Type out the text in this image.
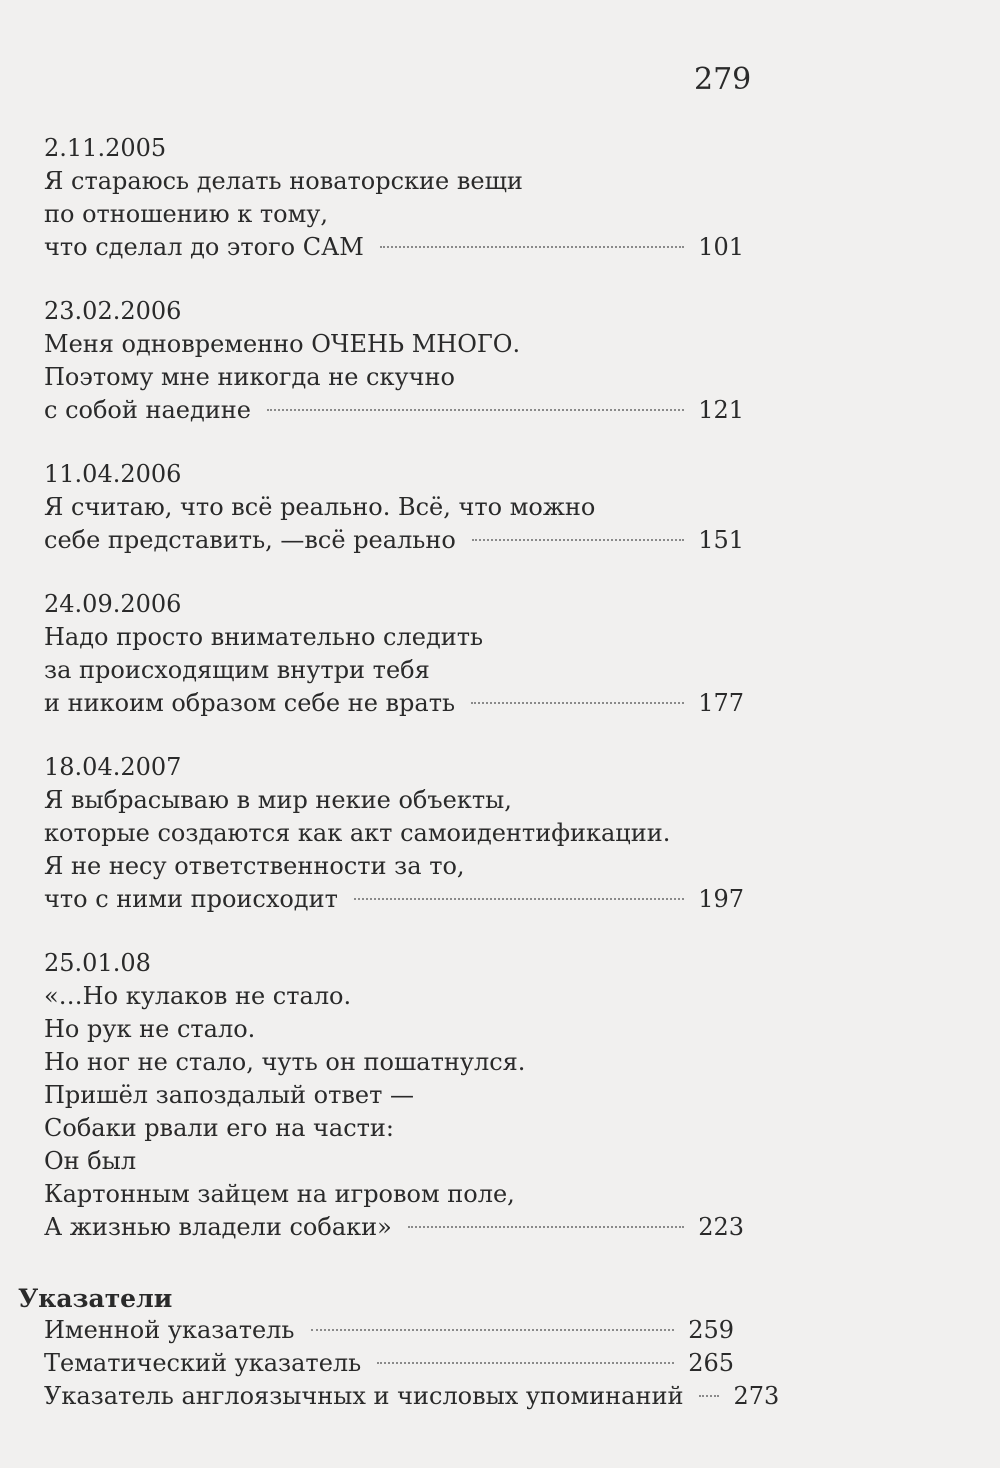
279
2.11.2005
Я стараюсь делать новаторские вещи
по отношению к тому,
что сделал до этого САМ	101
23.02.2006
Меня одновременно ОЧЕНЬ МНОГО.
Поэтому мне никогда не скучно
с собой наедине	121
11.04.2006
Я считаю, что всё реально. Всё, что можно
себе представить, —всё реально	151
24.09.2006
Надо просто внимательно следить
за происходящим внутри тебя
и никоим образом себе не врать	177
18.04.2007
Я выбрасываю в мир некие объекты,
которые создаются как акт самоидентификации.
Я не несу ответственности за то,
что с ними происходит	197
25.01.08
«…Но кулаков не стало.
Но рук не стало.
Но ног не стало, чуть он пошатнулся.
Пришёл запоздалый ответ —
Собаки рвали его на части:
Он был
Картонным зайцем на игровом поле,
А жизнью владели собаки»	223
Указатели
Именной указатель	259
Тематический указатель	265
Указатель англоязычных и числовых упоминаний 273
